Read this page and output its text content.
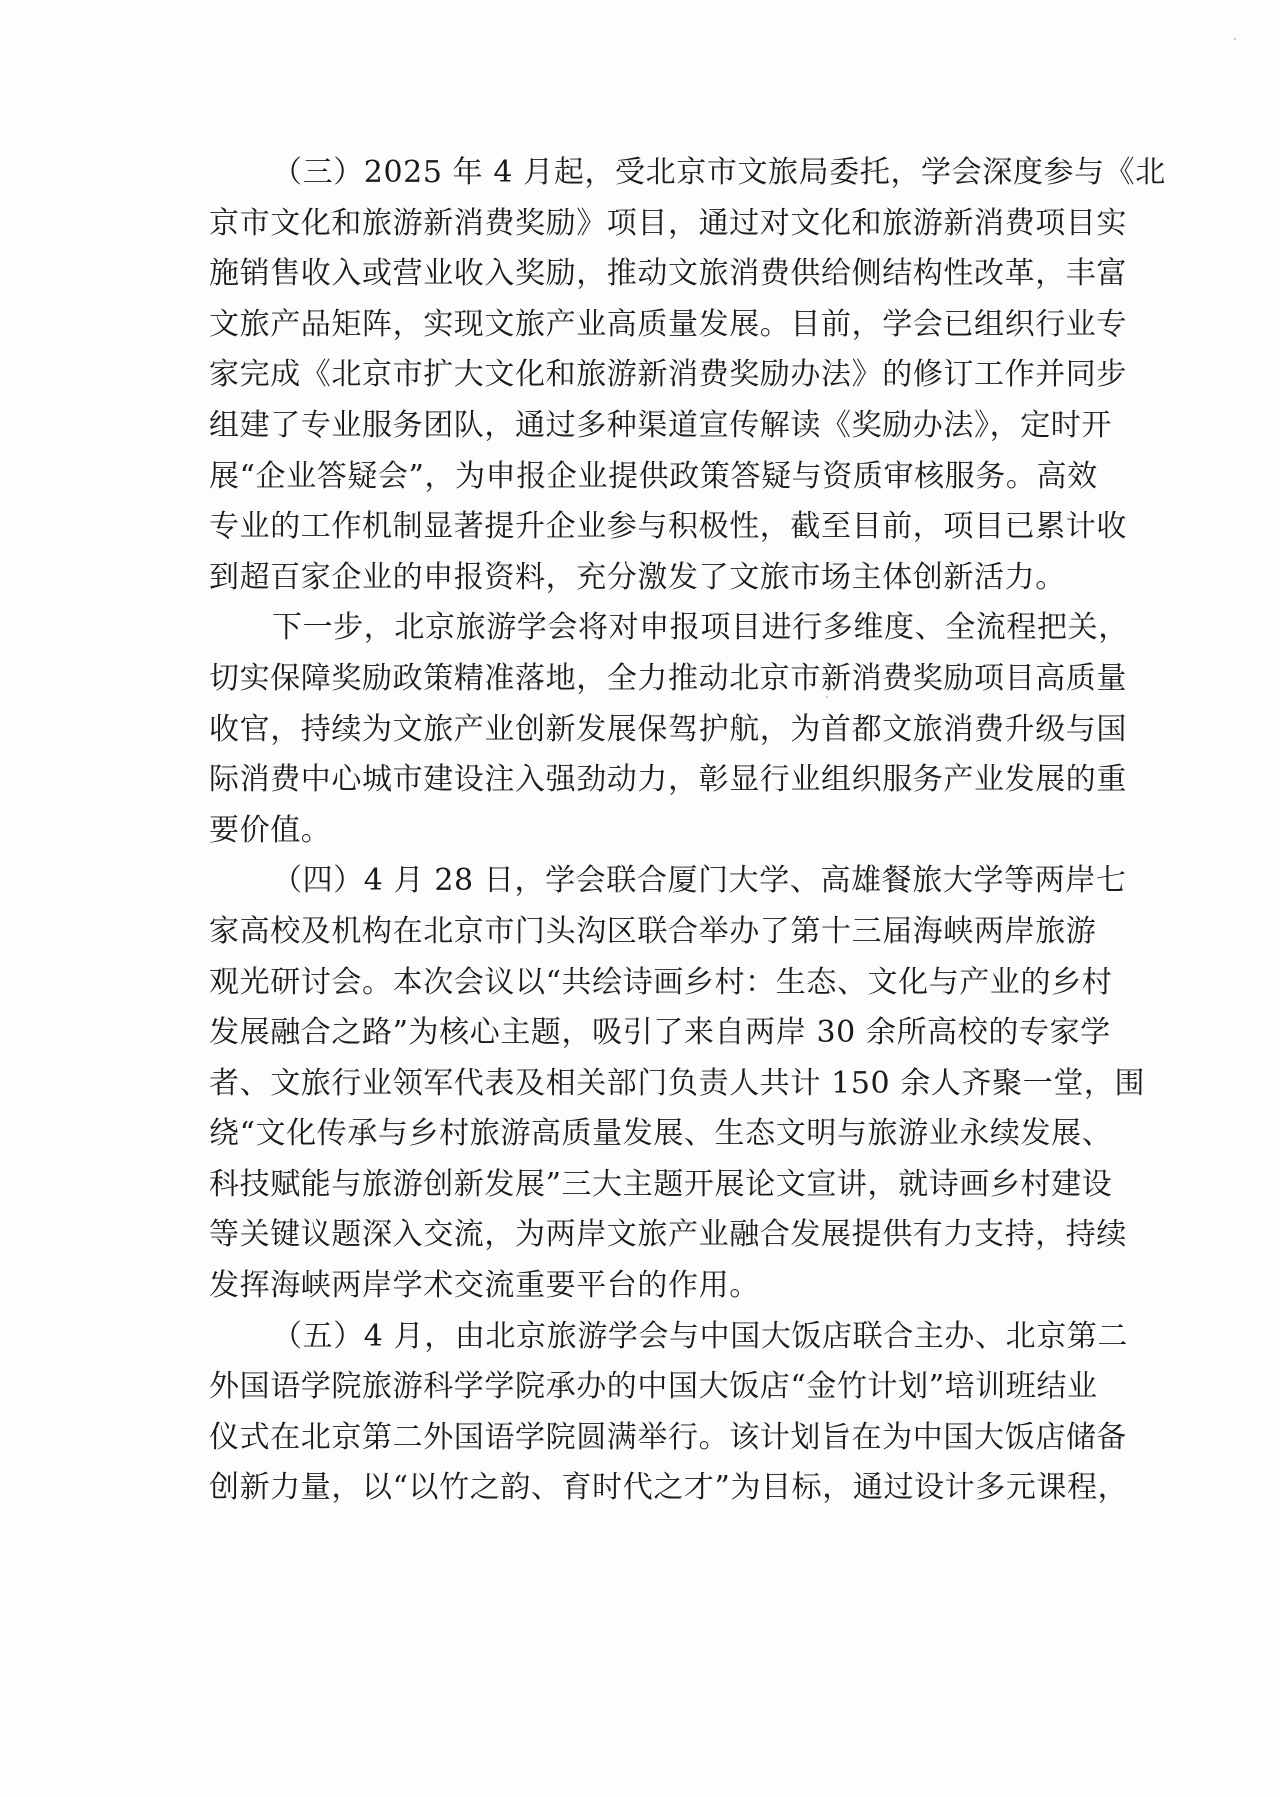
（三）2025 年 4 月起，受北京市文旅局委托，学会深度参与《北
京市文化和旅游新消费奖励》项目，通过对文化和旅游新消费项目实
施销售收入或营业收入奖励，推动文旅消费供给侧结构性改革，丰富
文旅产品矩阵，实现文旅产业高质量发展。目前，学会已组织行业专
家完成《北京市扩大文化和旅游新消费奖励办法》的修订工作并同步
组建了专业服务团队，通过多种渠道宣传解读《奖励办法》，定时开
展“企业答疑会”，为申报企业提供政策答疑与资质审核服务。高效
专业的工作机制显著提升企业参与积极性，截至目前，项目已累计收
到超百家企业的申报资料，充分激发了文旅市场主体创新活力。
下一步，北京旅游学会将对申报项目进行多维度、全流程把关，
切实保障奖励政策精准落地，全力推动北京市新消费奖励项目高质量
收官，持续为文旅产业创新发展保驾护航，为首都文旅消费升级与国
际消费中心城市建设注入强劲动力，彰显行业组织服务产业发展的重
要价值。
（四）4 月 28 日，学会联合厦门大学、高雄餐旅大学等两岸七
家高校及机构在北京市门头沟区联合举办了第十三届海峡两岸旅游
观光研讨会。本次会议以“共绘诗画乡村：生态、文化与产业的乡村
发展融合之路”为核心主题，吸引了来自两岸 30 余所高校的专家学
者、文旅行业领军代表及相关部门负责人共计 150 余人齐聚一堂，围
绕“文化传承与乡村旅游高质量发展、生态文明与旅游业永续发展、
科技赋能与旅游创新发展”三大主题开展论文宣讲，就诗画乡村建设
等关键议题深入交流，为两岸文旅产业融合发展提供有力支持，持续
发挥海峡两岸学术交流重要平台的作用。
（五）4 月，由北京旅游学会与中国大饭店联合主办、北京第二
外国语学院旅游科学学院承办的中国大饭店“金竹计划”培训班结业
仪式在北京第二外国语学院圆满举行。该计划旨在为中国大饭店储备
创新力量，以“以竹之韵、育时代之才”为目标，通过设计多元课程，
